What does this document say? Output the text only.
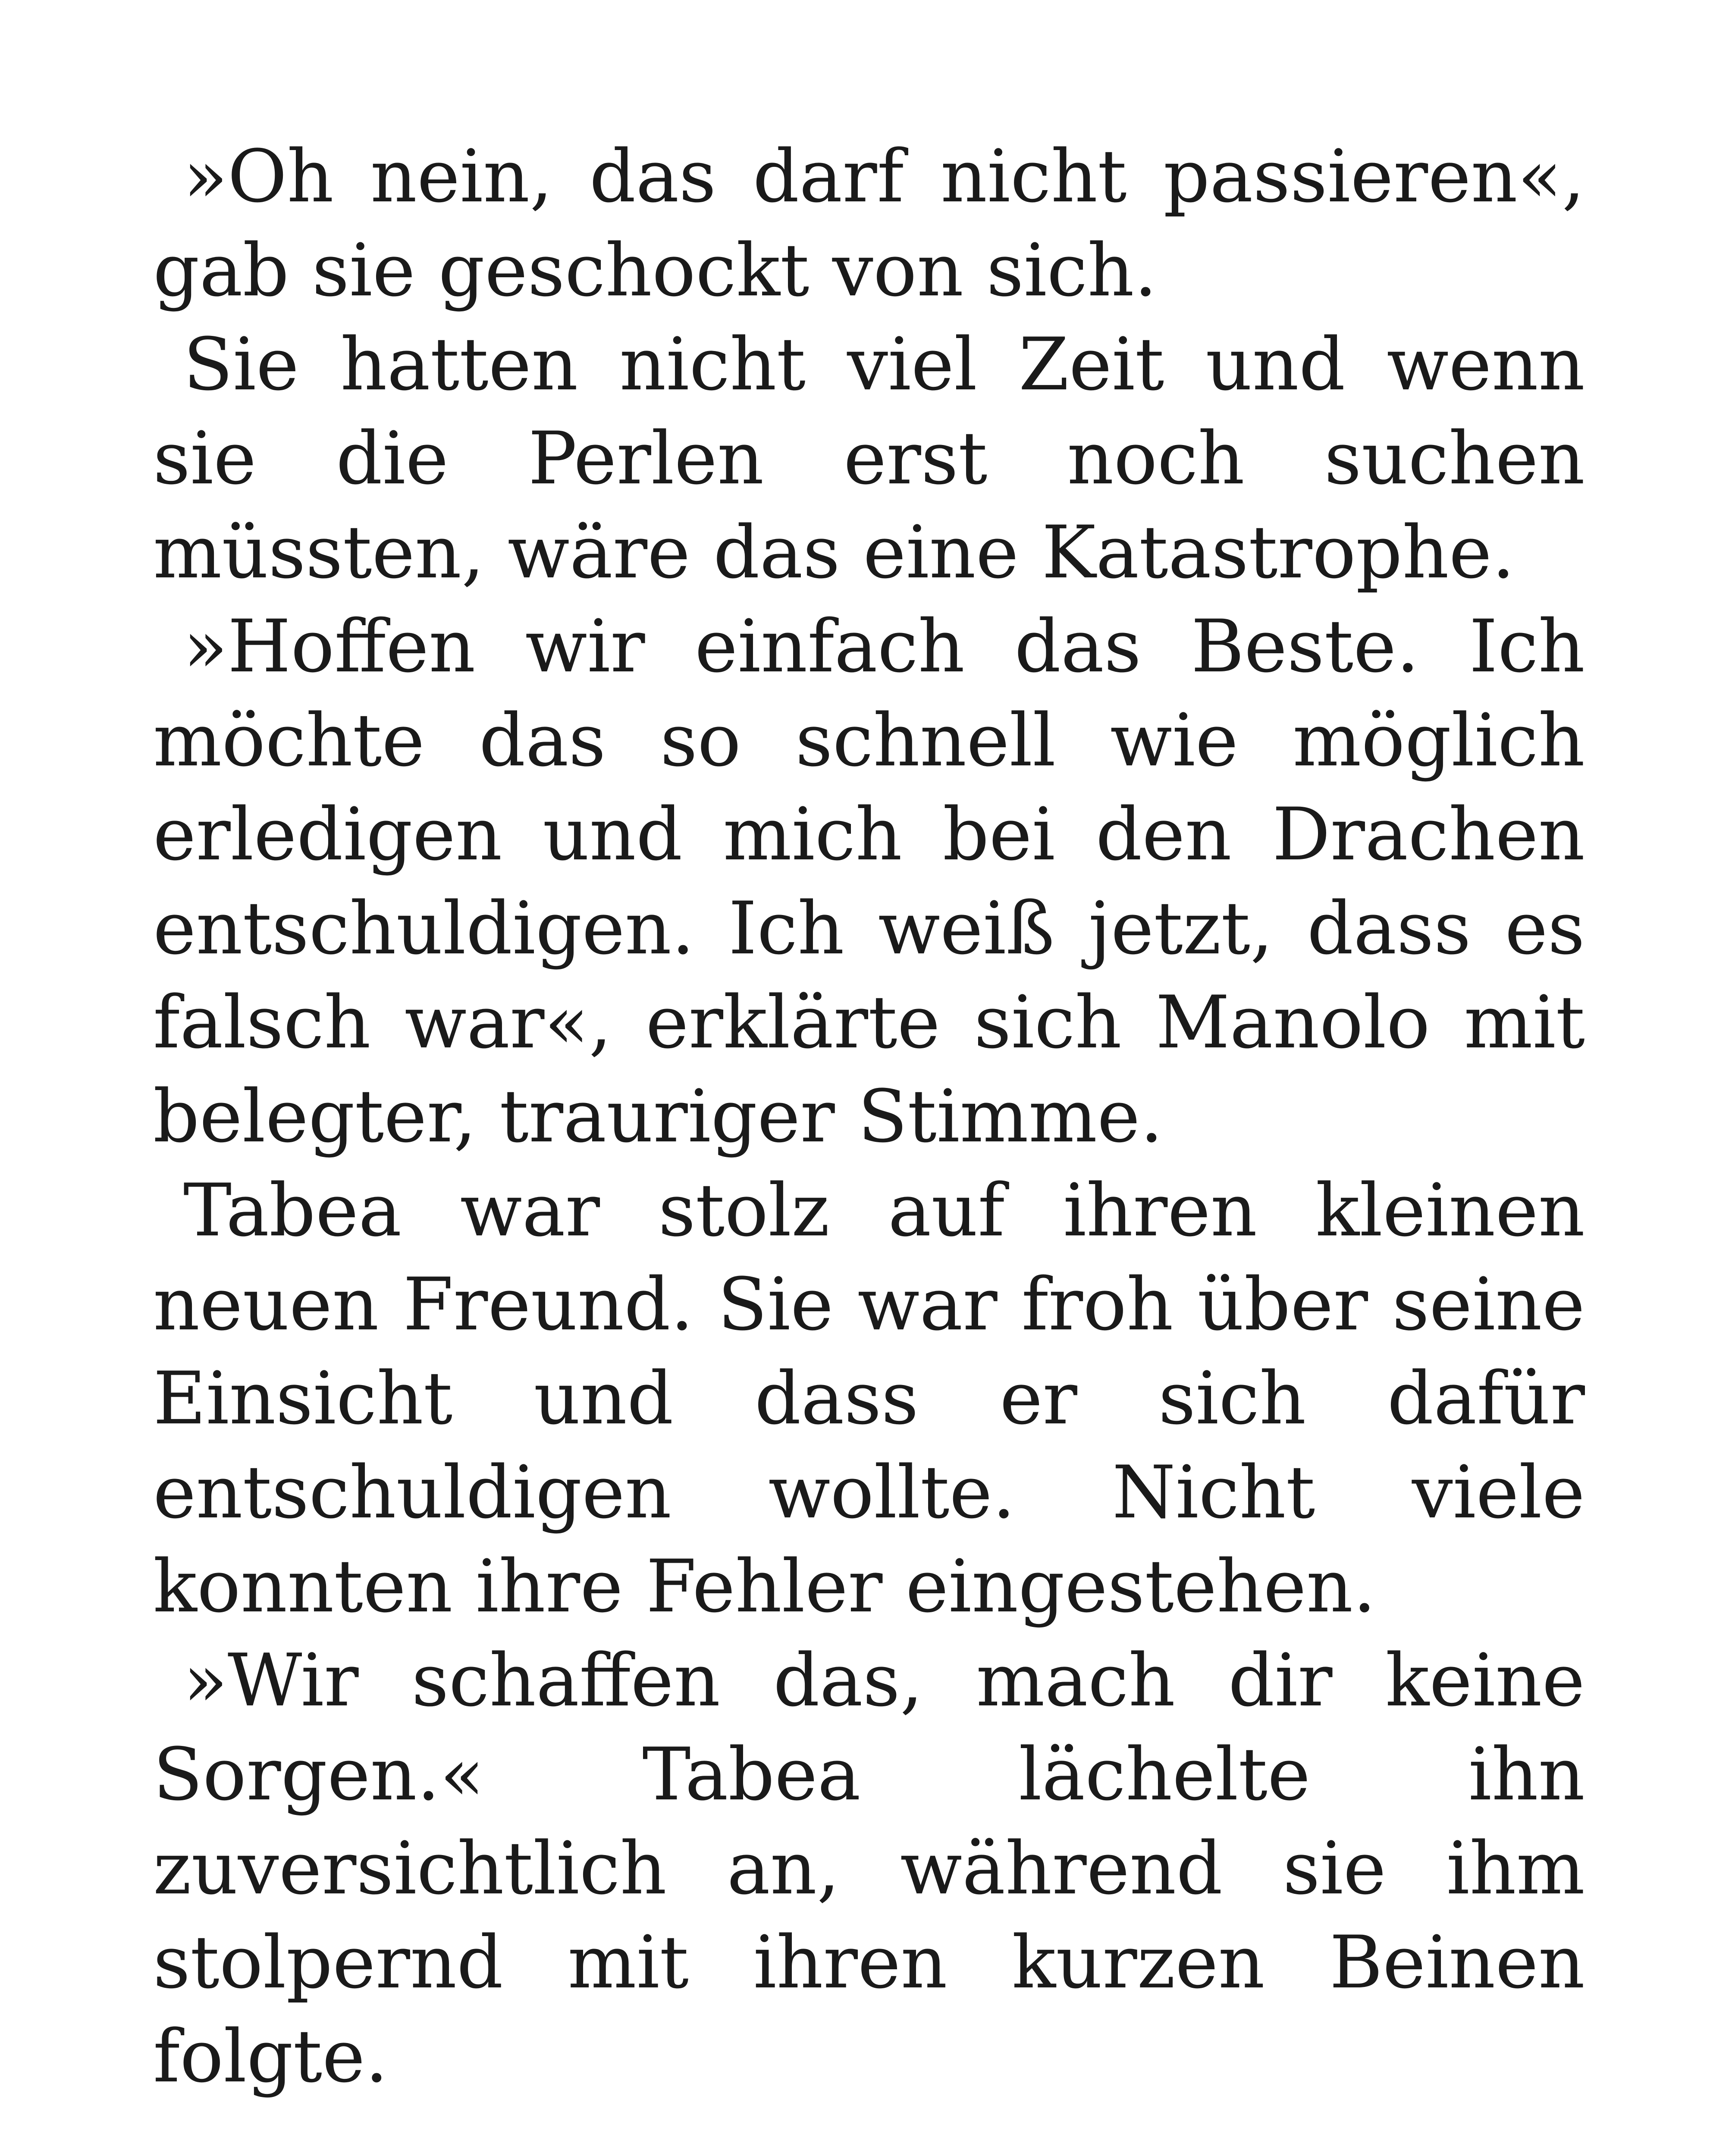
»Oh nein, das darf nicht passieren«, gab sie geschockt von sich.

Sie hatten nicht viel Zeit und wenn sie die Perlen erst noch suchen müssten, wäre das eine Katastrophe.

»Hoffen wir einfach das Beste. Ich möchte das so schnell wie möglich erledigen und mich bei den Drachen entschuldigen. Ich weiß jetzt, dass es falsch war«, erklärte sich Manolo mit belegter, trauriger Stimme.

Tabea war stolz auf ihren kleinen neuen Freund. Sie war froh über seine Einsicht und dass er sich dafür entschuldigen wollte. Nicht viele konnten ihre Fehler eingestehen.

»Wir schaffen das, mach dir keine Sorgen.« Tabea lächelte ihn zuversichtlich an, während sie ihm stolpernd mit ihren kurzen Beinen folgte.
